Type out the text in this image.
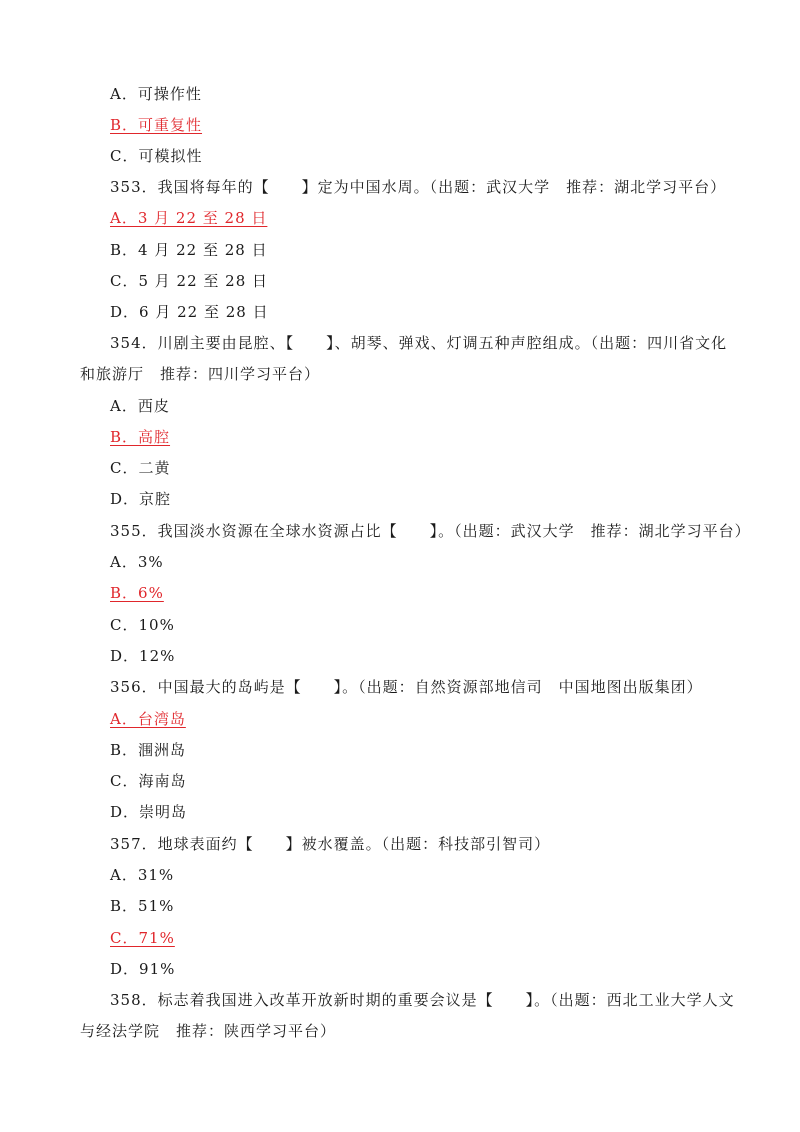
A．可操作性
B．可重复性
C．可模拟性
353．我国将每年的【　　】定为中国水周。（出题：武汉大学　推荐：湖北学习平台）
A．3 月 22 至 28 日
B．4 月 22 至 28 日
C．5 月 22 至 28 日
D．6 月 22 至 28 日
354．川剧主要由昆腔、【　　】、胡琴、弹戏、灯调五种声腔组成。（出题：四川省文化
和旅游厅　推荐：四川学习平台）
A．西皮
B．高腔
C．二黄
D．京腔
355．我国淡水资源在全球水资源占比【　　】。（出题：武汉大学　推荐：湖北学习平台）
A．3%
B．6%
C．10%
D．12%
356．中国最大的岛屿是【　　】。（出题：自然资源部地信司　中国地图出版集团）
A．台湾岛
B．涠洲岛
C．海南岛
D．崇明岛
357．地球表面约【　　】被水覆盖。（出题：科技部引智司）
A．31%
B．51%
C．71%
D．91%
358．标志着我国进入改革开放新时期的重要会议是【　　】。（出题：西北工业大学人文
与经法学院　推荐：陕西学习平台）
